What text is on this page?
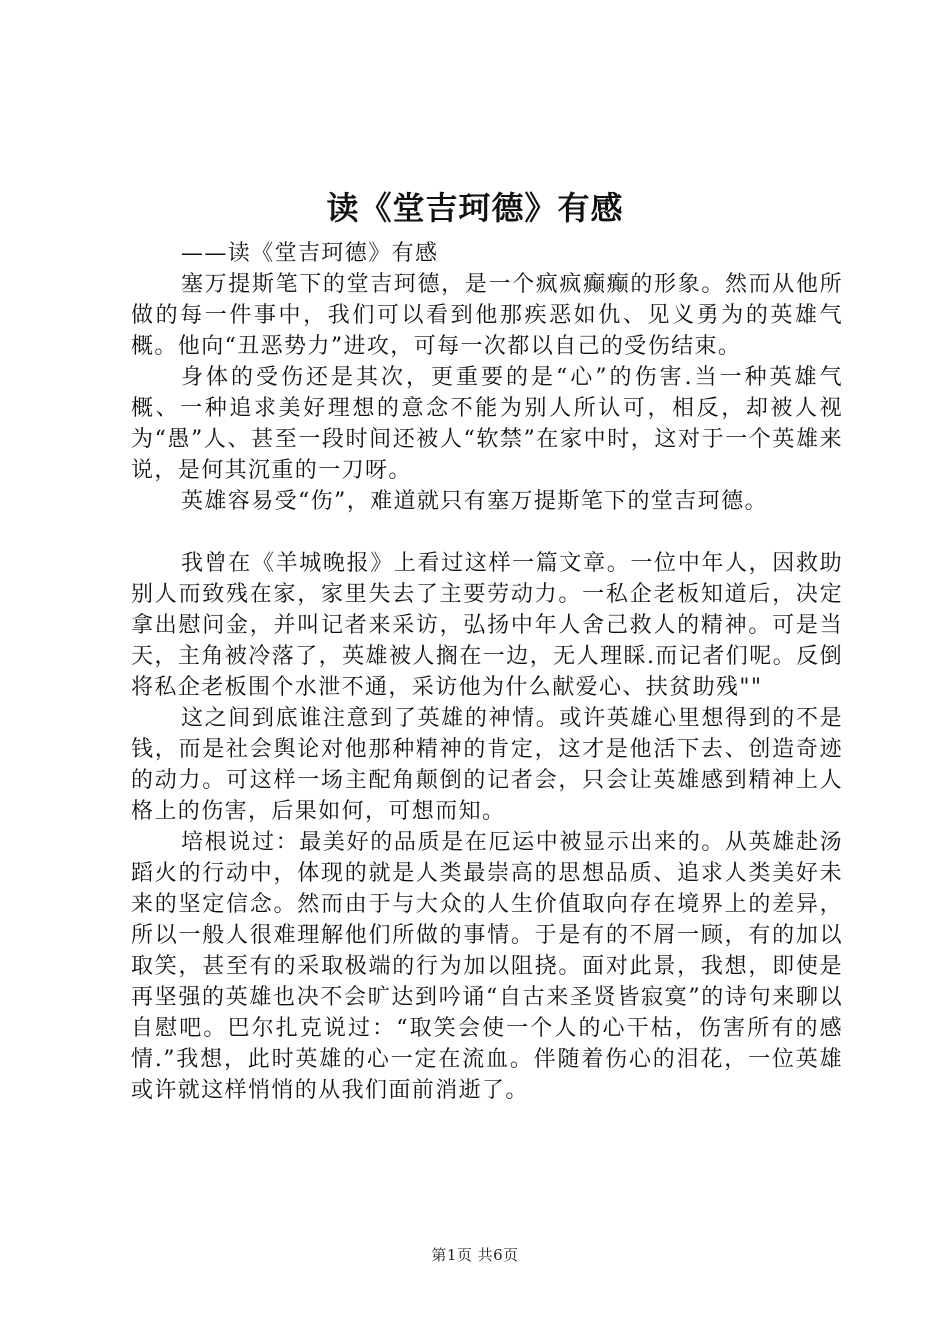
读《堂吉珂德》有感

——读《堂吉珂德》有感

塞万提斯笔下的堂吉珂德，是一个疯疯癫癫的形象。然而从他所做的每一件事中，我们可以看到他那疾恶如仇、见义勇为的英雄气概。他向“丑恶势力”进攻，可每一次都以自己的受伤结束。

身体的受伤还是其次，更重要的是“心”的伤害.当一种英雄气概、一种追求美好理想的意念不能为别人所认可，相反，却被人视为“愚”人、甚至一段时间还被人“软禁”在家中时，这对于一个英雄来说，是何其沉重的一刀呀。

英雄容易受“伤”，难道就只有塞万提斯笔下的堂吉珂德。

我曾在《羊城晚报》上看过这样一篇文章。一位中年人，因救助别人而致残在家，家里失去了主要劳动力。一私企老板知道后，决定拿出慰问金，并叫记者来采访，弘扬中年人舍己救人的精神。可是当天，主角被冷落了，英雄被人搁在一边，无人理睬.而记者们呢。反倒将私企老板围个水泄不通，采访他为什么献爱心、扶贫助残""

这之间到底谁注意到了英雄的神情。或许英雄心里想得到的不是钱，而是社会舆论对他那种精神的肯定，这才是他活下去、创造奇迹的动力。可这样一场主配角颠倒的记者会，只会让英雄感到精神上人格上的伤害，后果如何，可想而知。

培根说过：最美好的品质是在厄运中被显示出来的。从英雄赴汤蹈火的行动中，体现的就是人类最崇高的思想品质、追求人类美好未来的坚定信念。然而由于与大众的人生价值取向存在境界上的差异，所以一般人很难理解他们所做的事情。于是有的不屑一顾，有的加以取笑，甚至有的采取极端的行为加以阻挠。面对此景，我想，即使是再坚强的英雄也决不会旷达到吟诵“自古来圣贤皆寂寞”的诗句来聊以自慰吧。巴尔扎克说过：“取笑会使一个人的心干枯，伤害所有的感情.”我想，此时英雄的心一定在流血。伴随着伤心的泪花，一位英雄或许就这样悄悄的从我们面前消逝了。

第1页 共6页
